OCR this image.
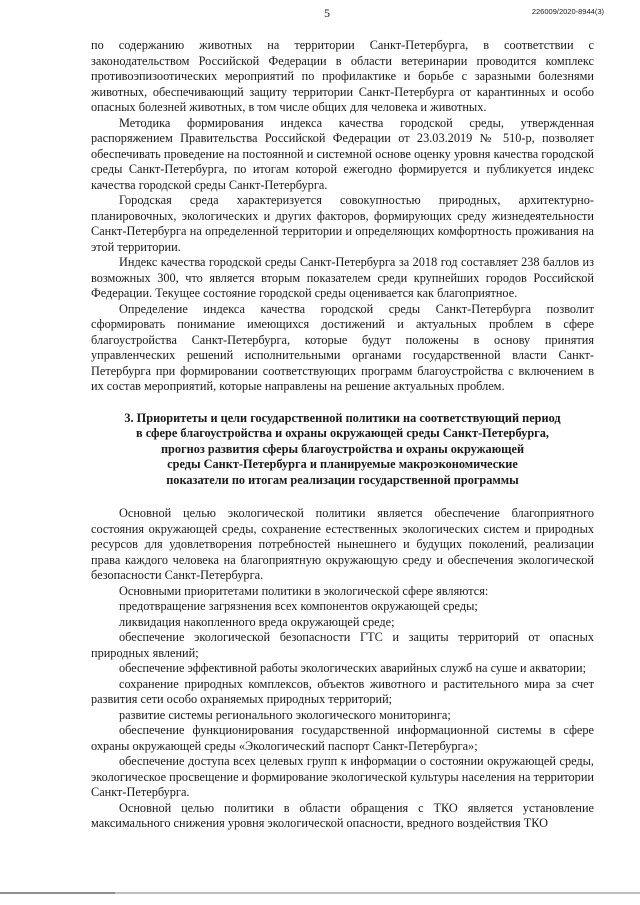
5	226009/2020-8944(3)

по содержанию животных на территории Санкт-Петербурга, в соответствии с законодательством Российской Федерации в области ветеринарии проводится комплекс противоэпизоотических мероприятий по профилактике и борьбе с заразными болезнями животных, обеспечивающий защиту территории Санкт-Петербурга от карантинных и особо опасных болезней животных, в том числе общих для человека и животных.

Методика формирования индекса качества городской среды, утвержденная распоряжением Правительства Российской Федерации от 23.03.2019 № 510-р, позволяет обеспечивать проведение на постоянной и системной основе оценку уровня качества городской среды Санкт-Петербурга, по итогам которой ежегодно формируется и публикуется индекс качества городской среды Санкт-Петербурга.

Городская среда характеризуется совокупностью природных, архитектурно-планировочных, экологических и других факторов, формирующих среду жизнедеятельности Санкт-Петербурга на определенной территории и определяющих комфортность проживания на этой территории.

Индекс качества городской среды Санкт-Петербурга за 2018 год составляет 238 баллов из возможных 300, что является вторым показателем среди крупнейших городов Российской Федерации. Текущее состояние городской среды оценивается как благоприятное.

Определение индекса качества городской среды Санкт-Петербурга позволит сформировать понимание имеющихся достижений и актуальных проблем в сфере благоустройства Санкт-Петербурга, которые будут положены в основу принятия управленческих решений исполнительными органами государственной власти Санкт-Петербурга при формировании соответствующих программ благоустройства с включением в их состав мероприятий, которые направлены на решение актуальных проблем.

3. Приоритеты и цели государственной политики на соответствующий период
в сфере благоустройства и охраны окружающей среды Санкт-Петербурга,
прогноз развития сферы благоустройства и охраны окружающей
среды Санкт-Петербурга и планируемые макроэкономические
показатели по итогам реализации государственной программы

Основной целью экологической политики является обеспечение благоприятного состояния окружающей среды, сохранение естественных экологических систем и природных ресурсов для удовлетворения потребностей нынешнего и будущих поколений, реализации права каждого человека на благоприятную окружающую среду и обеспечения экологической безопасности Санкт-Петербурга.

Основными приоритетами политики в экологической сфере являются:

предотвращение загрязнения всех компонентов окружающей среды;

ликвидация накопленного вреда окружающей среде;

обеспечение экологической безопасности ГТС и защиты территорий от опасных природных явлений;

обеспечение эффективной работы экологических аварийных служб на суше и акватории;

сохранение природных комплексов, объектов животного и растительного мира за счет развития сети особо охраняемых природных территорий;

развитие системы регионального экологического мониторинга;

обеспечение функционирования государственной информационной системы в сфере охраны окружающей среды «Экологический паспорт Санкт-Петербурга»;

обеспечение доступа всех целевых групп к информации о состоянии окружающей среды, экологическое просвещение и формирование экологической культуры населения на территории Санкт-Петербурга.

Основной целью политики в области обращения с ТКО является установление максимального снижения уровня экологической опасности, вредного воздействия ТКО
